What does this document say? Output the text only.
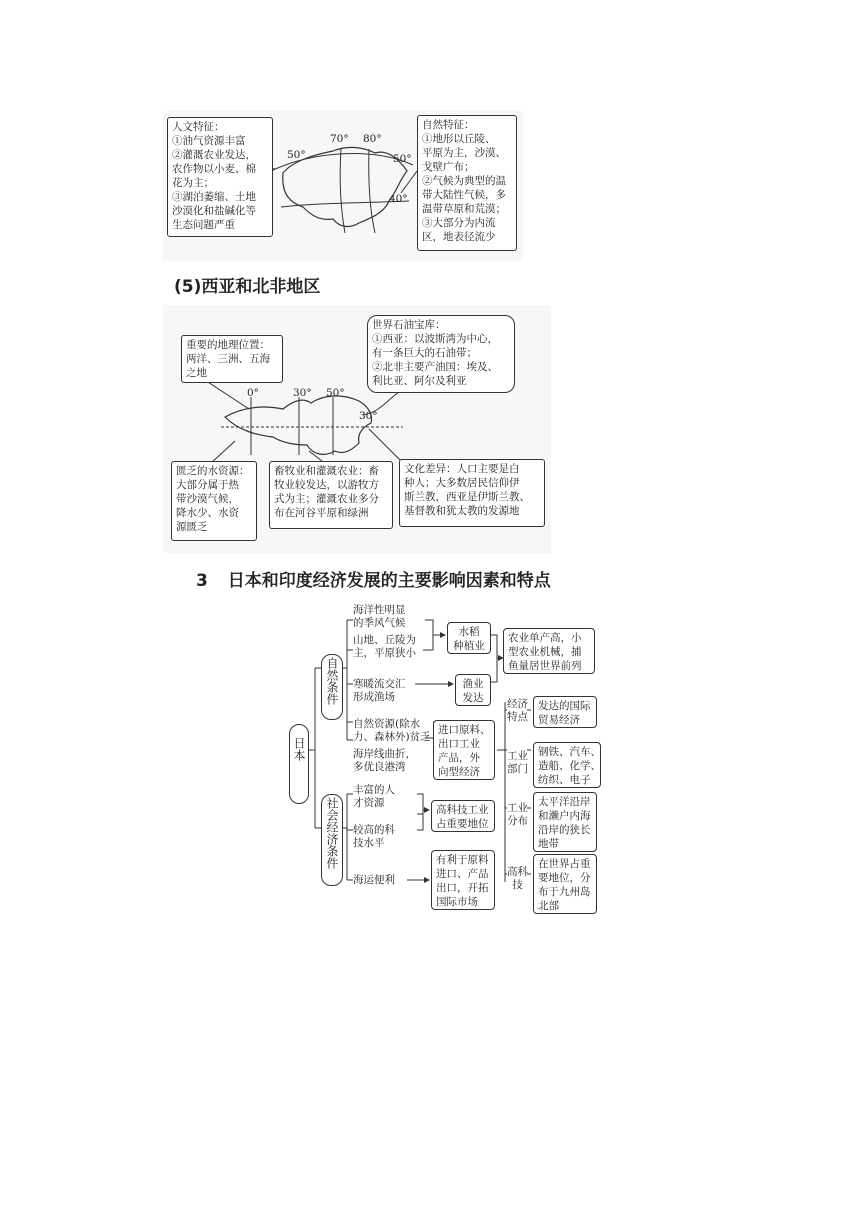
人文特征：
①油气资源丰富
②灌溉农业发达，
农作物以小麦、棉
花为主；
③湖泊萎缩、土地
沙漠化和盐碱化等
生态问题严重
自然特征：
①地形以丘陵、
平原为主，沙漠、
戈壁广布；
②气候为典型的温
带大陆性气候，多
温带草原和荒漠；
③大部分为内流
区，地表径流少
70° 80°
50°	50°
40°
(5)西亚和北非地区
重要的地理位置：
两洋、三洲、五海
之地
世界石油宝库：
①西亚：以波斯湾为中心，
有一条巨大的石油带；
②北非主要产油国：埃及、
利比亚、阿尔及利亚
匮乏的水资源：
大部分属于热
带沙漠气候，
降水少、水资
源匮乏
畜牧业和灌溉农业：畜
牧业较发达，以游牧方
式为主；灌溉农业多分
布在河谷平原和绿洲
文化差异：人口主要是白
种人；大多数居民信仰伊
斯兰教，西亚是伊斯兰教、
基督教和犹太教的发源地
0°	30° 50°
30°
3 日本和印度经济发展的主要影响因素和特点
日本
自然条件
社会经济条件
海洋性明显
的季风气候
山地、丘陵为
主，平原狭小
寒暖流交汇
形成渔场
自然资源(除水
力、森林外)贫乏
海岸线曲折，
多优良港湾
丰富的人
才资源
较高的科
技水平
海运便利
水稻
种植业
渔业
发达
农业单产高，小
型农业机械，捕
鱼量居世界前列
进口原料、
出口工业
产品，外
向型经济
高科技工业
占重要地位
有利于原料
进口、产品
出口，开拓
国际市场
经济
特点
发达的国际
贸易经济
工业
部门
钢铁、汽车、
造船、化学、
纺织、电子
工业
分布
太平洋沿岸
和濑户内海
沿岸的狭长
地带
高科
技
在世界占重
要地位，分
布于九州岛
北部
